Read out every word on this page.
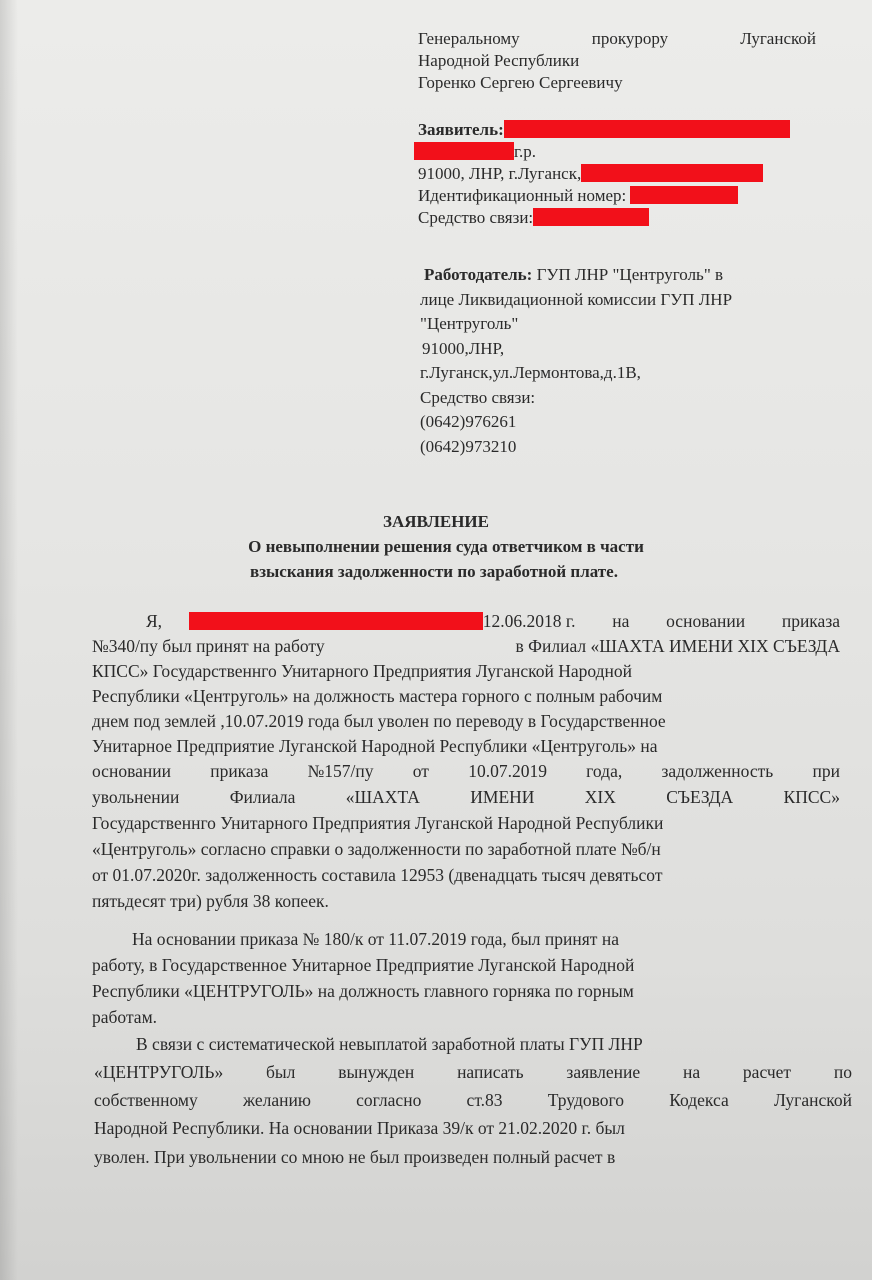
Генеральному	прокурору	Луганской
Народной Республики
Горенко Сергею Сергеевичу
Заявитель:
г.р.
91000, ЛНР, г.Луганск,
Идентификационный номер:
Средство связи:
Работодатель: ГУП ЛНР "Центруголь" в
лице Ликвидационной комиссии ГУП ЛНР
"Центруголь"
91000,ЛНР,
г.Луганск,ул.Лермонтова,д.1В,
Средство связи:
(0642)976261
(0642)973210
ЗАЯВЛЕНИЕ
О невыполнении решения суда ответчиком в части
взыскания задолженности по заработной плате.
Я,	12.06.2018 г. на основании приказа
№340/пу был принят на работу	в Филиал «ШАХТА ИМЕНИ XIX СЪЕЗДА
КПСС» Государственнго Унитарного Предприятия Луганской Народной
Республики «Центруголь» на должность мастера горного с полным рабочим
днем под землей ,10.07.2019 года был уволен по переводу в Государственное
Унитарное Предприятие Луганской Народной Республики «Центруголь» на
основании приказа №157/пу от 10.07.2019 года, задолженность при
увольнении	Филиала	«ШАХТА	ИМЕНИ	XIX	СЪЕЗДА	КПСС»
Государственнго Унитарного Предприятия Луганской Народной Республики
«Центруголь» согласно справки о задолженности по заработной плате №б/н
от 01.07.2020г. задолженность составила 12953 (двенадцать тысяч девятьсот
пятьдесят три) рубля 38 копеек.
На основании приказа № 180/к от 11.07.2019 года, был принят на
работу, в Государственное Унитарное Предприятие Луганской Народной
Республики «ЦЕНТРУГОЛЬ» на должность главного горняка по горным
работам.
В связи с систематической невыплатой заработной платы ГУП ЛНР
«ЦЕНТРУГОЛЬ» был вынужден написать заявление на расчет по
собственному	желанию	согласно	ст.83	Трудового	Кодекса	Луганской
Народной Республики. На основании Приказа 39/к от 21.02.2020 г. был
уволен. При увольнении со мною не был произведен полный расчет в
